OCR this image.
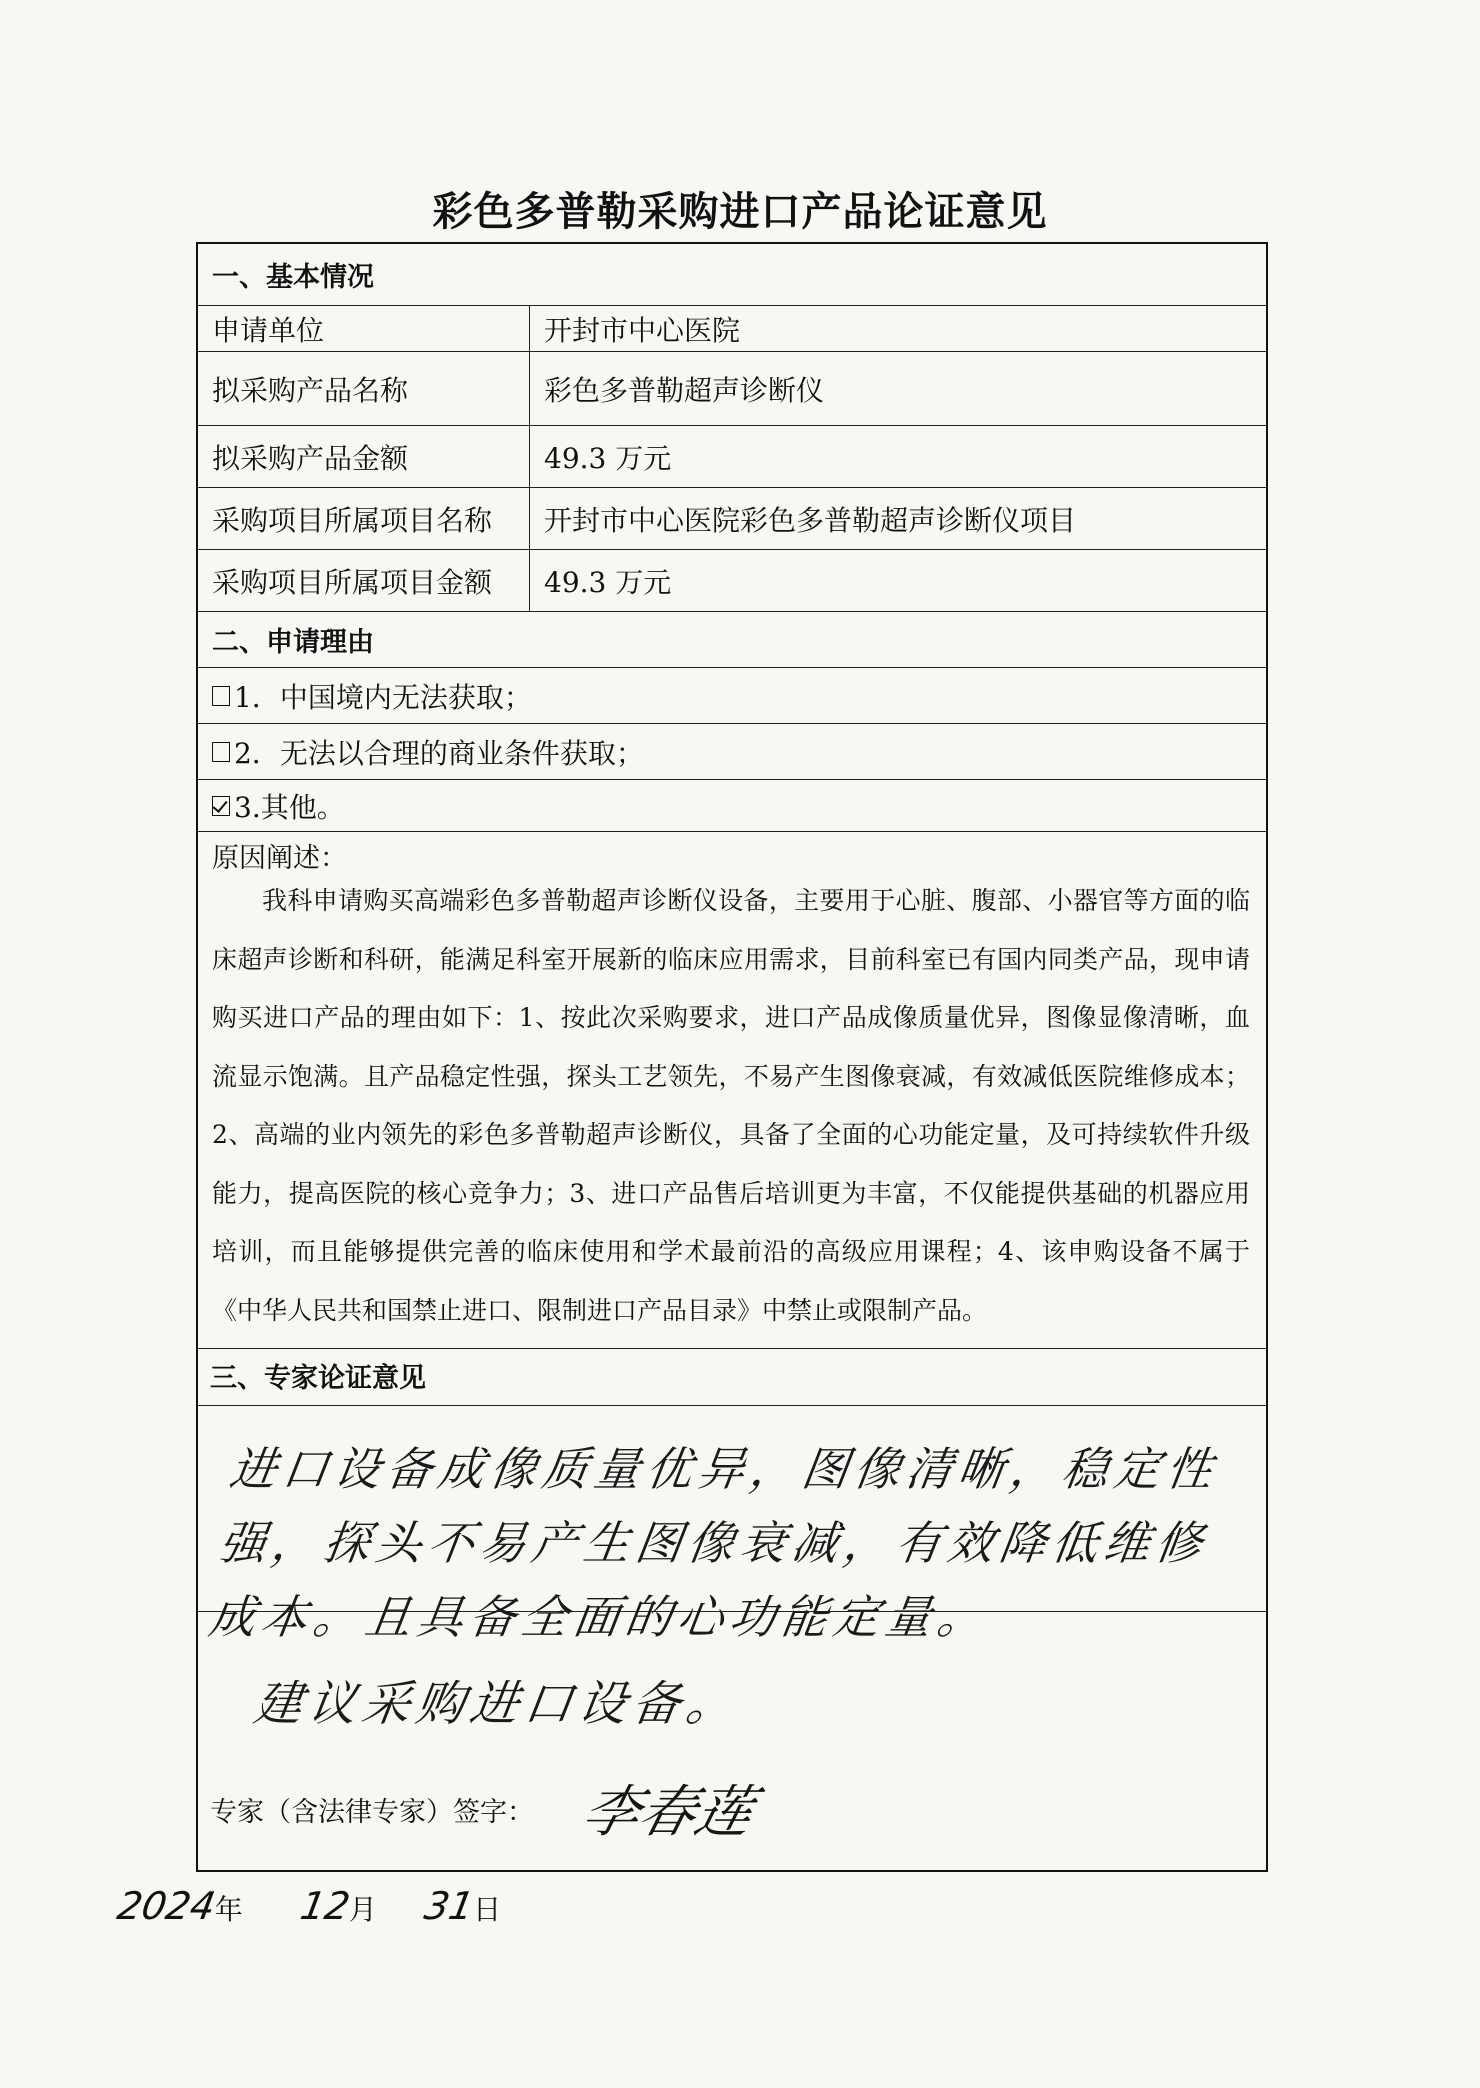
彩色多普勒采购进口产品论证意见
一、基本情况
申请单位	开封市中心医院
拟采购产品名称	彩色多普勒超声诊断仪
拟采购产品金额	49.3 万元
采购项目所属项目名称	开封市中心医院彩色多普勒超声诊断仪项目
采购项目所属项目金额	49.3 万元
二、申请理由
1．中国境内无法获取；
2．无法以合理的商业条件获取；
3.其他。
原因阐述：
我科申请购买高端彩色多普勒超声诊断仪设备，主要用于心脏、腹部、小器官等方面的临床超声诊断和科研，能满足科室开展新的临床应用需求，目前科室已有国内同类产品，现申请购买进口产品的理由如下：1、按此次采购要求，进口产品成像质量优异，图像显像清晰，血流显示饱满。且产品稳定性强，探头工艺领先，不易产生图像衰减，有效减低医院维修成本；2、高端的业内领先的彩色多普勒超声诊断仪，具备了全面的心功能定量，及可持续软件升级能力，提高医院的核心竞争力；3、进口产品售后培训更为丰富，不仅能提供基础的机器应用培训，而且能够提供完善的临床使用和学术最前沿的高级应用课程；4、该申购设备不属于《中华人民共和国禁止进口、限制进口产品目录》中禁止或限制产品。
三、专家论证意见
进口设备成像质量优异，图像清晰，稳定性强，探头不易产生图像衰减，有效降低维修成本。且具备全面的心功能定量。
建议采购进口设备。
专家（含法律专家）签字： 李春莲
2024年 12月 31日
